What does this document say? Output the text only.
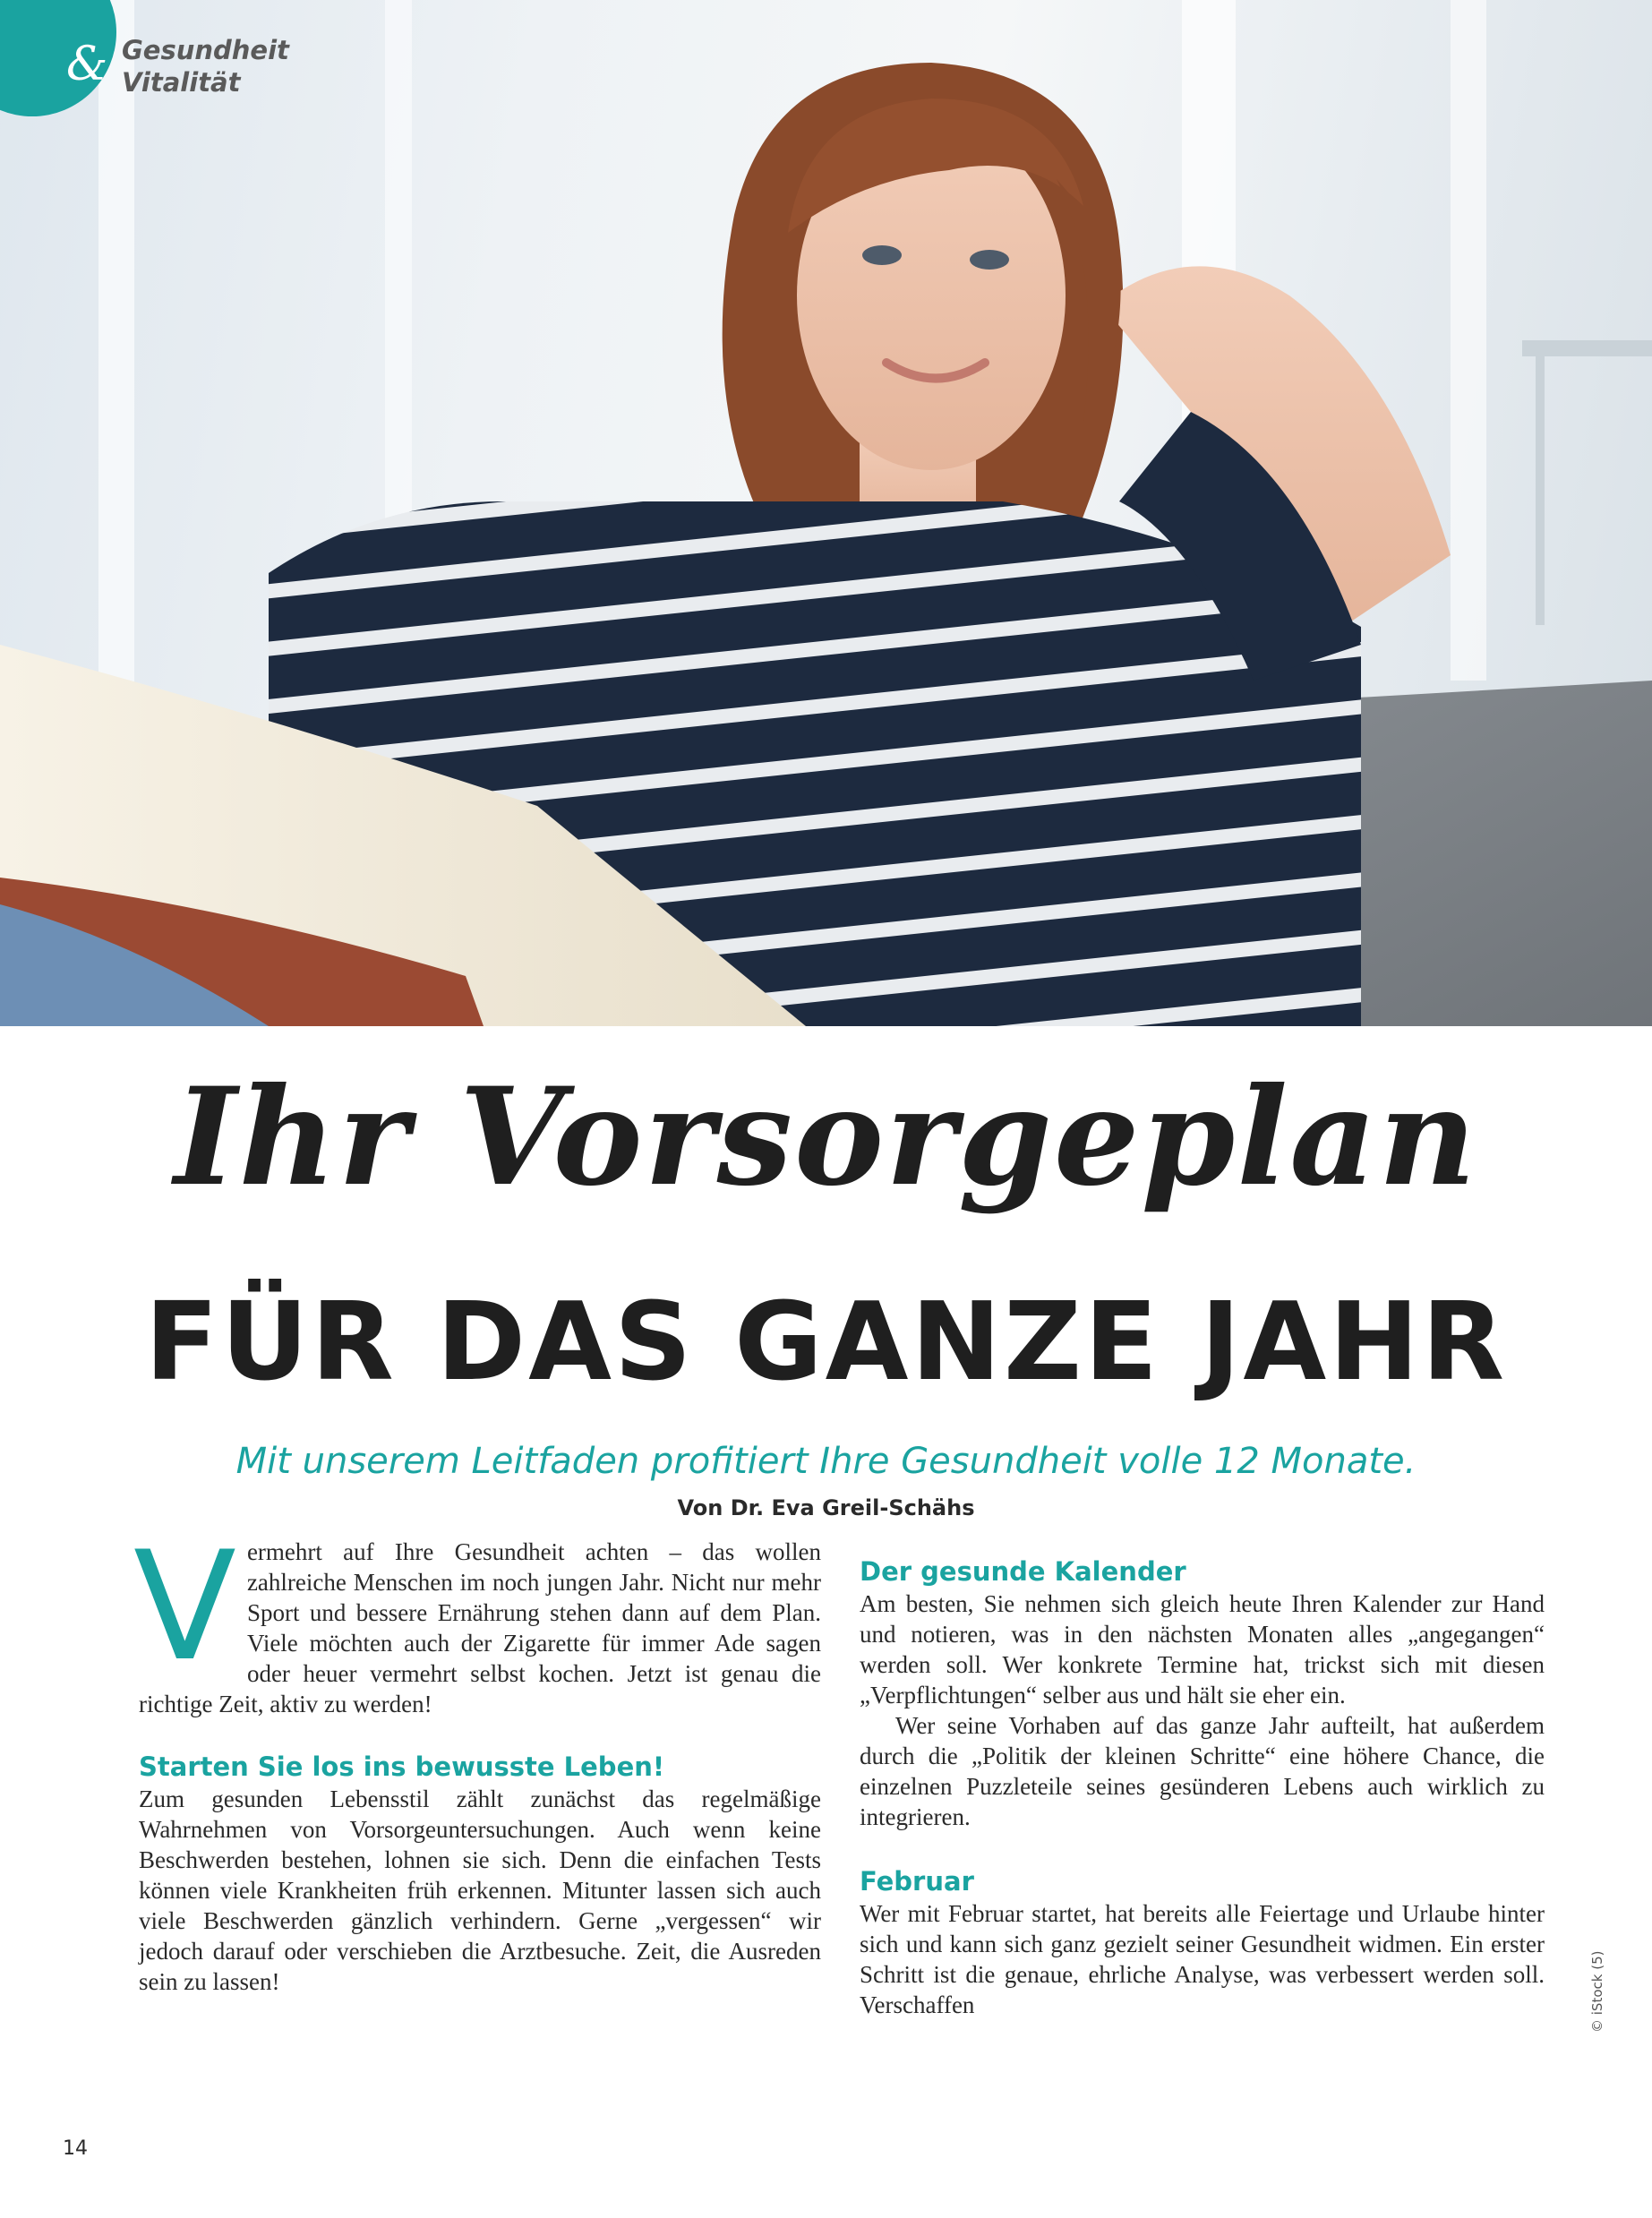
& Gesundheit
Vitalität
Ihr Vorsorgeplan
FÜR DAS GANZE JAHR
Mit unserem Leitfaden profitiert Ihre Gesundheit volle 12 Monate.
Von Dr. Eva Greil-Schähs

V ermehrt auf Ihre Gesundheit achten – das wollen zahlreiche Menschen im noch jungen Jahr. Nicht nur mehr Sport und bessere Ernährung stehen dann auf dem Plan. Viele möchten auch der Zigarette für immer Ade sagen oder heuer vermehrt selbst kochen. Jetzt ist genau die richtige Zeit, aktiv zu werden!

Starten Sie los ins bewusste Leben!

Zum gesunden Lebensstil zählt zunächst das regelmäßige Wahrnehmen von Vorsorgeuntersuchungen. Auch wenn keine Beschwerden bestehen, lohnen sie sich. Denn die einfachen Tests können viele Krankheiten früh erkennen. Mitunter lassen sich auch viele Beschwerden gänzlich verhindern. Gerne „vergessen“ wir jedoch darauf oder verschieben die Arztbesuche. Zeit, die Ausreden sein zu lassen!

Der gesunde Kalender

Am besten, Sie nehmen sich gleich heute Ihren Kalender zur Hand und notieren, was in den nächsten Monaten alles „angegangen“ werden soll. Wer konkrete Termine hat, trickst sich mit diesen „Verpflichtungen“ selber aus und hält sie eher ein.

Wer seine Vorhaben auf das ganze Jahr aufteilt, hat außerdem durch die „Politik der kleinen Schritte“ eine höhere Chance, die einzelnen Puzzleteile seines gesünderen Lebens auch wirklich zu integrieren.

Februar

Wer mit Februar startet, hat bereits alle Feiertage und Urlaube hinter sich und kann sich ganz gezielt seiner Gesundheit widmen. Ein erster Schritt ist die genaue, ehrliche Analyse, was verbessert werden soll. Verschaffen

14
© iStock (5)
